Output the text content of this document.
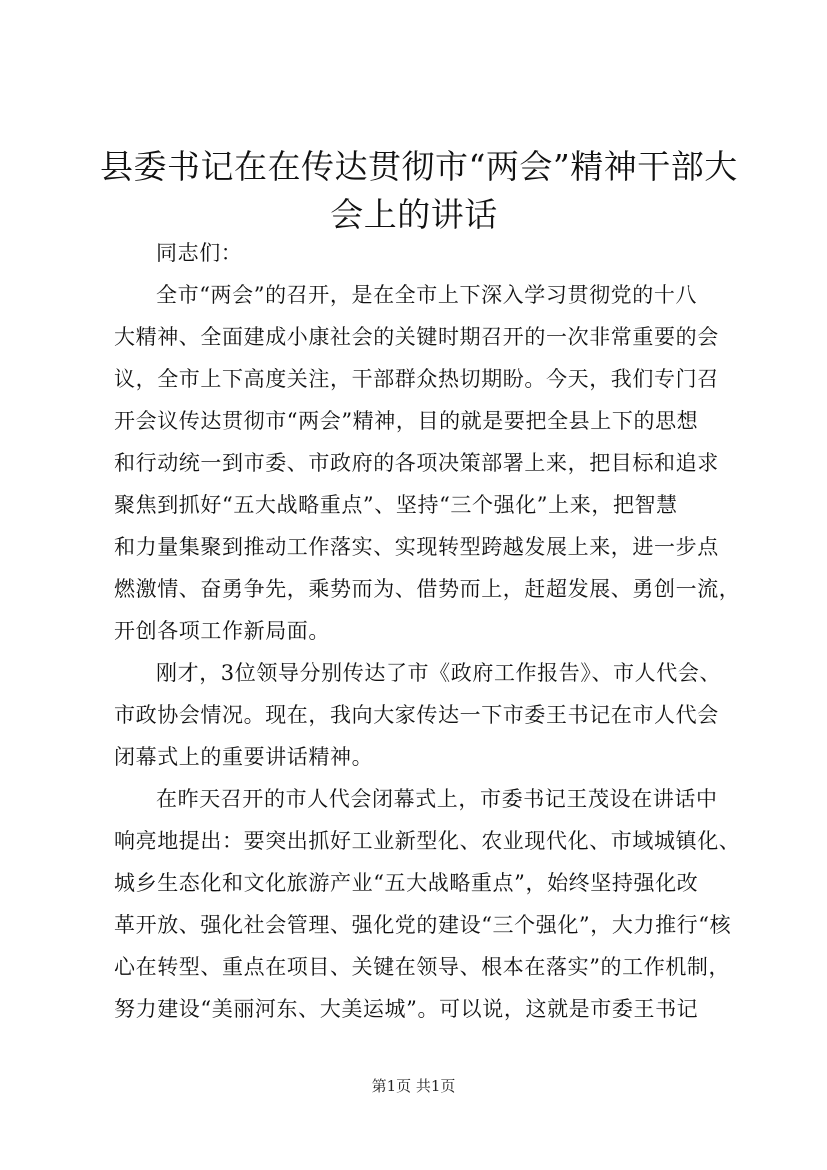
县委书记在在传达贯彻市“两会”精神干部大
会上的讲话
同志们：
全市“两会”的召开，是在全市上下深入学习贯彻党的十八
大精神、全面建成小康社会的关键时期召开的一次非常重要的会
议，全市上下高度关注，干部群众热切期盼。今天，我们专门召
开会议传达贯彻市“两会”精神，目的就是要把全县上下的思想
和行动统一到市委、市政府的各项决策部署上来，把目标和追求
聚焦到抓好“五大战略重点”、坚持“三个强化”上来，把智慧
和力量集聚到推动工作落实、实现转型跨越发展上来，进一步点
燃激情、奋勇争先，乘势而为、借势而上，赶超发展、勇创一流，
开创各项工作新局面。
刚才，3位领导分别传达了市《政府工作报告》、市人代会、
市政协会情况。现在，我向大家传达一下市委王书记在市人代会
闭幕式上的重要讲话精神。
在昨天召开的市人代会闭幕式上，市委书记王茂设在讲话中
响亮地提出：要突出抓好工业新型化、农业现代化、市域城镇化、
城乡生态化和文化旅游产业“五大战略重点”，始终坚持强化改
革开放、强化社会管理、强化党的建设“三个强化”，大力推行“核
心在转型、重点在项目、关键在领导、根本在落实”的工作机制，
努力建设“美丽河东、大美运城”。可以说，这就是市委王书记
第1页 共1页
